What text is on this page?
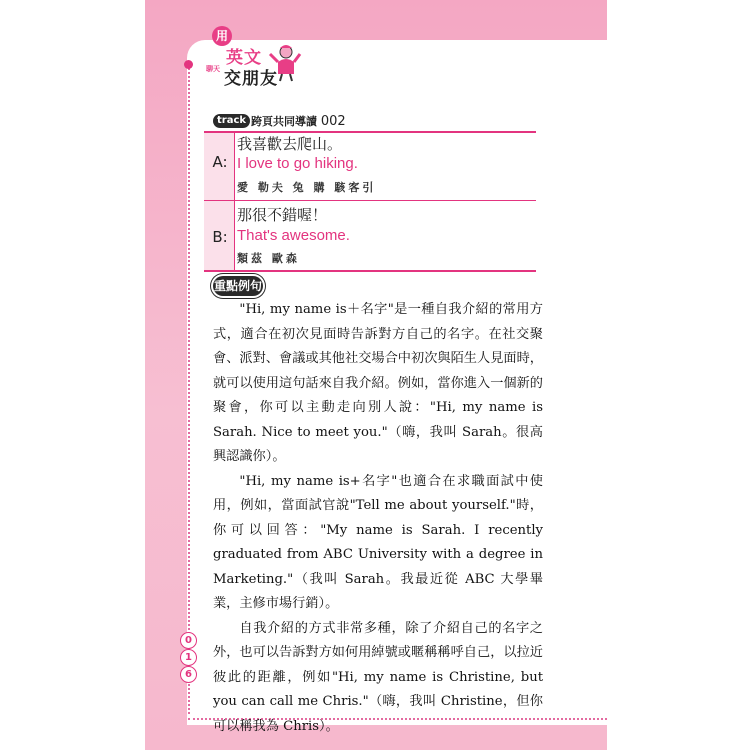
用
英文
聊天 交朋友
track 跨頁共同導讀 002
A:
我喜歡去爬山。
I love to go hiking.
愛 勒夫 兔 購 駭客引
B:
那很不錯喔！
That's awesome.
類茲 歐森
重點例句

"Hi, my name is＋名字"是一種自我介紹的常用方式，適合在初次見面時告訴對方自己的名字。在社交聚會、派對、會議或其他社交場合中初次與陌生人見面時，就可以使用這句話來自我介紹。例如，當你進入一個新的聚會，你可以主動走向別人說："Hi, my name is Sarah. Nice to meet you."（嗨，我叫 Sarah。很高興認識你）。

"Hi, my name is+名字"也適合在求職面試中使用，例如，當面試官說"Tell me about yourself."時，你可以回答："My name is Sarah. I recently graduated from ABC University with a degree in Marketing."（我叫 Sarah。我最近從 ABC 大學畢業，主修市場行銷）。

自我介紹的方式非常多種，除了介紹自己的名字之外，也可以告訴對方如何用綽號或暱稱稱呼自己，以拉近彼此的距離，例如"Hi, my name is Christine, but you can call me Chris."（嗨，我叫 Christine，但你可以稱我為 Chris）。

0
1
6
